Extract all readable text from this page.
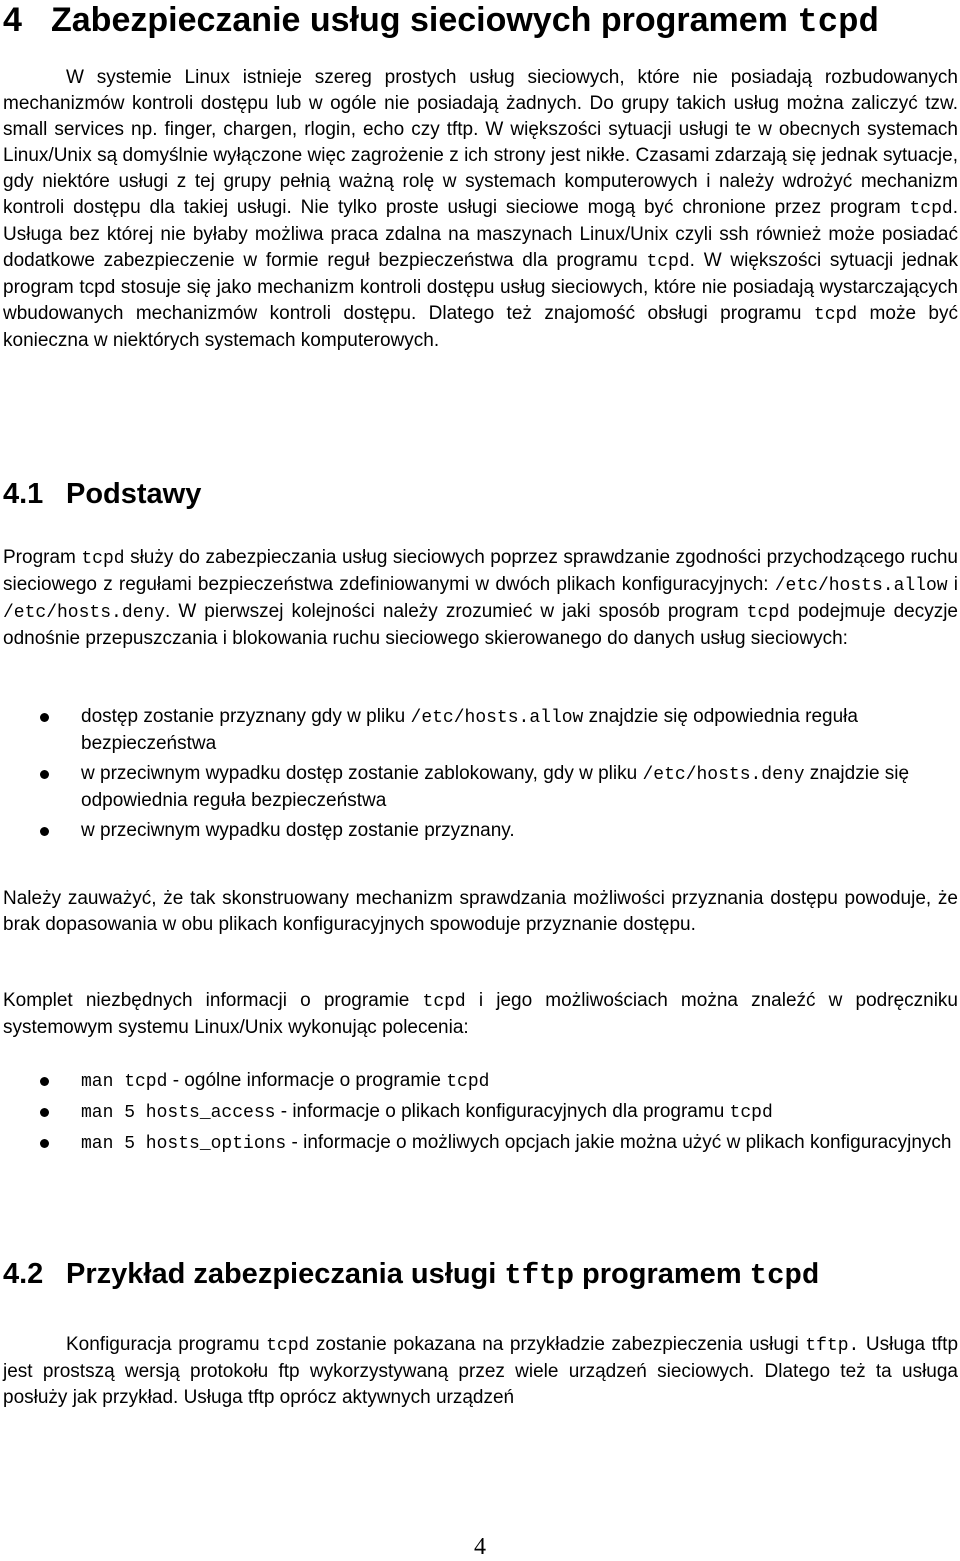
4 Zabezpieczanie usług sieciowych programem tcpd

W systemie Linux istnieje szereg prostych usług sieciowych, które nie posiadają rozbudowanych mechanizmów kontroli dostępu lub w ogóle nie posiadają żadnych. Do grupy takich usług można zaliczyć tzw. small services np. finger, chargen, rlogin, echo czy tftp. W większości sytuacji usługi te w obecnych systemach Linux/Unix są domyślnie wyłączone więc zagrożenie z ich strony jest nikłe. Czasami zdarzają się jednak sytuacje, gdy niektóre usługi z tej grupy pełnią ważną rolę w systemach komputerowych i należy wdrożyć mechanizm kontroli dostępu dla takiej usługi. Nie tylko proste usługi sieciowe mogą być chronione przez program tcpd. Usługa bez której nie byłaby możliwa praca zdalna na maszynach Linux/Unix czyli ssh również może posiadać dodatkowe zabezpieczenie w formie reguł bezpieczeństwa dla programu tcpd. W większości sytuacji jednak program tcpd stosuje się jako mechanizm kontroli dostępu usług sieciowych, które nie posiadają wystarczających wbudowanych mechanizmów kontroli dostępu. Dlatego też znajomość obsługi programu tcpd może być konieczna w niektórych systemach komputerowych.

4.1 Podstawy

Program tcpd służy do zabezpieczania usług sieciowych poprzez sprawdzanie zgodności przychodzącego ruchu sieciowego z regułami bezpieczeństwa zdefiniowanymi w dwóch plikach konfiguracyjnych: /etc/hosts.allow i /etc/hosts.deny. W pierwszej kolejności należy zrozumieć w jaki sposób program tcpd podejmuje decyzje odnośnie przepuszczania i blokowania ruchu sieciowego skierowanego do danych usług sieciowych:

dostęp zostanie przyznany gdy w pliku /etc/hosts.allow znajdzie się odpowiednia reguła bezpieczeństwa
w przeciwnym wypadku dostęp zostanie zablokowany, gdy w pliku /etc/hosts.deny znajdzie się odpowiednia reguła bezpieczeństwa
w przeciwnym wypadku dostęp zostanie przyznany.

Należy zauważyć, że tak skonstruowany mechanizm sprawdzania możliwości przyznania dostępu powoduje, że brak dopasowania w obu plikach konfiguracyjnych spowoduje przyznanie dostępu.

Komplet niezbędnych informacji o programie tcpd i jego możliwościach można znaleźć w podręczniku systemowym systemu Linux/Unix wykonując polecenia:

man tcpd - ogólne informacje o programie tcpd
man 5 hosts_access - informacje o plikach konfiguracyjnych dla programu tcpd
man 5 hosts_options - informacje o możliwych opcjach jakie można użyć w plikach konfiguracyjnych
4.2 Przykład zabezpieczania usługi tftp programem tcpd

Konfiguracja programu tcpd zostanie pokazana na przykładzie zabezpieczenia usługi tftp. Usługa tftp jest prostszą wersją protokołu ftp wykorzystywaną przez wiele urządzeń sieciowych. Dlatego też ta usługa posłuży jak przykład. Usługa tftp oprócz aktywnych urządzeń

4
